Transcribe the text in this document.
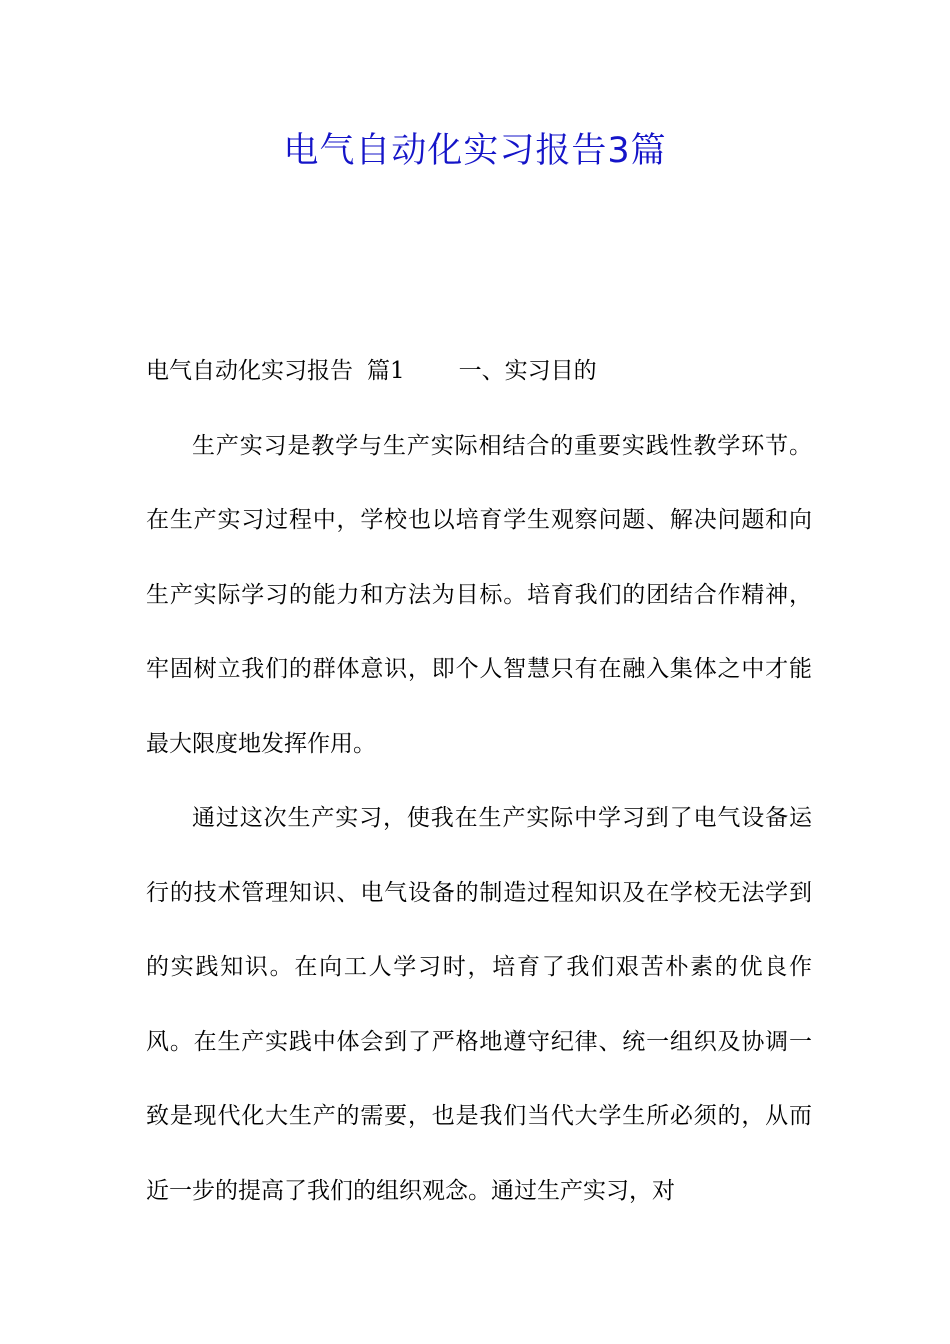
电气自动化实习报告3篇

电气自动化实习报告 篇1 一、实习目的

生产实习是教学与生产实际相结合的重要实践性教学环节。在生产实习过程中，学校也以培育学生观察问题、解决问题和向生产实际学习的能力和方法为目标。培育我们的团结合作精神，牢固树立我们的群体意识，即个人智慧只有在融入集体之中才能最大限度地发挥作用。

通过这次生产实习，使我在生产实际中学习到了电气设备运行的技术管理知识、电气设备的制造过程知识及在学校无法学到的实践知识。在向工人学习时，培育了我们艰苦朴素的优良作风。在生产实践中体会到了严格地遵守纪律、统一组织及协调一致是现代化大生产的需要，也是我们当代大学生所必须的，从而近一步的提高了我们的组织观念。通过生产实习，对
